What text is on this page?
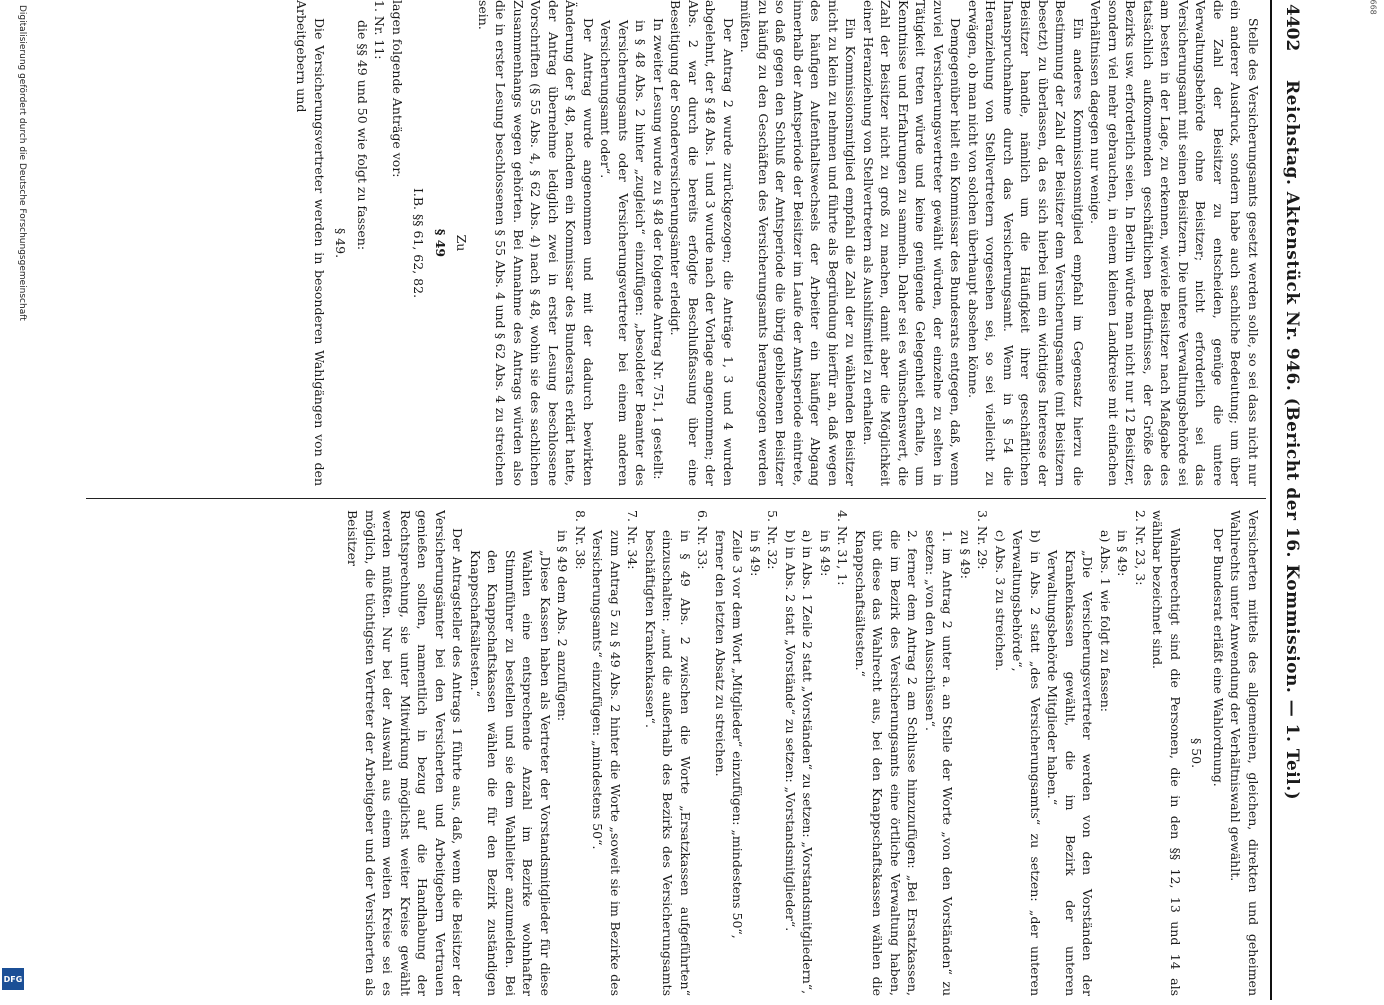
Digitalisierung gefördert durch die Deutsche Forschungsgemeinschaft
DFG
668
4402
Reichstag. Aktenstück Nr. 946. (Bericht der 16. Kommission. — 1. Teil.)

Stelle des Versicherungsamts gesetzt werden solle, so sei dass nicht nur ein anderer Ausdruck, sondern habe auch sachliche Bedeutung; um über die Zahl der Beisitzer zu entscheiden, genüge die untere Verwaltungsbehörde ohne Beisitzer; nicht erforderlich sei das Versicherungsamt mit seinen Beisitzern. Die untere Verwaltungsbehörde sei am besten in der Lage, zu erkennen, wieviele Beisitzer nach Maßgabe des tatsächlich aufkommenden geschäftlichen Bedürfnisses, der Größe des Bezirks usw. erforderlich seien. In Berlin würde man nicht nur 12 Beisitzer, sondern viel mehr gebrauchen, in einem kleinen Landkreise mit einfachen Verhältnissen dagegen nur wenige.

Ein anderes Kommissionsmitglied empfahl im Gegensatz hierzu die Bestimmung der Zahl der Beisitzer dem Versicherungsamte (mit Beisitzern besetzt) zu überlassen, da es sich hierbei um ein wichtiges Interesse der Beisitzer handle, nämlich um die Häufigkeit ihrer geschäftlichen Inanspruchnahme durch das Versicherungsamt. Wenn in § 54 die Heranziehung von Stellvertretern vorgesehen sei, so sei vielleicht zu erwägen, ob man nicht von solchen überhaupt absehen könne.

Demgegenüber hielt ein Kommissar des Bundesrats entgegen, daß, wenn zuviel Versicherungsvertreter gewählt würden, der einzelne zu selten in Tätigkeit treten würde und keine genügende Gelegenheit erhalte, um Kenntnisse und Erfahrungen zu sammeln. Daher sei es wünschenswert, die Zahl der Beisitzer nicht zu groß zu machen, damit aber die Möglichkeit einer Heranziehung von Stellvertretern als Aushilfsmittel zu erhalten.

Ein Kommissionsmitglied empfahl die Zahl der zu wählenden Beisitzer nicht zu klein zu nehmen und führte als Begründung hierfür an, daß wegen des häufigen Aufenthaltswechsels der Arbeiter ein häufiger Abgang innerhalb der Amtsperiode der Beisitzer im Laufe der Amtsperiode eintrete, so daß gegen den Schluß der Amtsperiode die übrig gebliebenen Beisitzer zu häufig zu den Geschäften des Versicherungsamts herangezogen werden müßten.

Der Antrag 2 wurde zurückgezogen; die Anträge 1, 3 und 4 wurden abgelehnt, der § 48 Abs. 1 und 3 wurde nach der Vorlage angenommen; der Abs. 2 war durch die bereits erfolgte Beschlußfassung über eine Beseitigung der Sonderversicherungsämter erledigt.

In zweiter Lesung wurde zu § 48 der folgende Antrag Nr. 751, 1 gestellt:

in § 48 Abs. 2 hinter „zugleich“ einzufügen: „besoldeter Beamter des Versicherungsamts oder Versicherungsvertreter bei einem anderen Versicherungsamt oder“.

Der Antrag wurde angenommen und mit der dadurch bewirkten Änderung der § 48, nachdem ein Kommissar des Bundesrats erklärt hatte, der Antrag übernehme lediglich zwei in erster Lesung beschlossene Vorschriften (§ 55 Abs. 4, § 62 Abs. 4) nach § 48, wohin sie des sachlichen Zusammenhangs wegen gehörten. Bei Annahme des Antrags würden also die in erster Lesung beschlossenen § 55 Abs. 4 und § 62 Abs. 4 zu streichen sein.

Zu

§ 49

I.B. §§ 61, 62, 82.

lagen folgende Anträge vor:

1. Nr. 11:

die §§ 49 und 50 wie folgt zu fassen:

§ 49.

Die Versicherungsvertreter werden in besonderen Wahlgängen von den Arbeitgebern und

Versicherten mittels des allgemeinen, gleichen, direkten und geheimen Wahlrechts unter Anwendung der Verhältniswahl gewählt.

Der Bundesrat erläßt eine Wahlordnung.

§ 50.

Wahlberechtigt sind die Personen, die in den §§ 12, 13 und 14 als wählbar bezeichnet sind.

2. Nr. 23, 3:

in § 49:

a) Abs. 1 wie folgt zu fassen:

„Die Versicherungsvertreter werden von den Vorständen der Krankenkassen gewählt, die im Bezirk der unteren Verwaltungsbehörde Mitglieder haben.“

b) in Abs. 2 statt „des Versicherungsamts“ zu setzen: „der unteren Verwaltungsbehörde“,

c) Abs. 3 zu streichen.

3. Nr. 29:

zu § 49:

1. im Antrag 2 unter a. an Stelle der Worte „von den Vorständen“ zu setzen: „von den Ausschüssen“.

2. ferner dem Antrag 2 am Schlusse hinzuzufügen: „Bei Ersatzkassen, die im Bezirk des Versicherungsamts eine örtliche Verwaltung haben, übt diese das Wahlrecht aus, bei den Knappschaftskassen wählen die Knappschaftsältesten.“

4. Nr. 31, 1:

in § 49:

a) in Abs. 1 Zeile 2 statt „Vorständen“ zu setzen: „Vorstandsmitgliedern“,

b) in Abs. 2 statt „Vorstände“ zu setzen: „Vorstandsmitglieder“.

5. Nr. 32:

in § 49:

Zeile 3 vor dem Wort „Mitglieder“ einzufügen: „mindestens 50“,

ferner den letzten Absatz zu streichen.

6. Nr. 33:

in § 49 Abs. 2 zwischen die Worte „Ersatzkassen aufgeführten“ einzuschalten: „und die außerhalb des Bezirks des Versicherungsamts beschäftigten Krankenkassen“.

7. Nr. 34:

zum Antrag 5 zu § 49 Abs. 2 hinter die Worte „soweit sie im Bezirke des Versicherungsamts“ einzufügen: „mindestens 50“.

8. Nr. 38:

in § 49 dem Abs. 2 anzufügen:

„Diese Kassen haben als Vertreter der Vorstandsmitglieder für diese Wahlen eine entsprechende Anzahl im Bezirke wohnhafter Stimmführer zu bestellen und sie dem Wahlleiter anzumelden. Bei den Knappschaftskassen wählen die für den Bezirk zuständigen Knappschaftsältesten.“

Der Antragsteller des Antrags 1 führte aus, daß, wenn die Beisitzer der Versicherungsämter bei den Versicherten und Arbeitgebern Vertrauen genießen sollten, namentlich in bezug auf die Handhabung der Rechtsprechung, sie unter Mitwirkung möglichst weiter Kreise gewählt werden müßten. Nur bei der Auswahl aus einem weiten Kreise sei es möglich, die tüchtigsten Vertreter der Arbeitgeber und der Versicherten als Beisitzer
